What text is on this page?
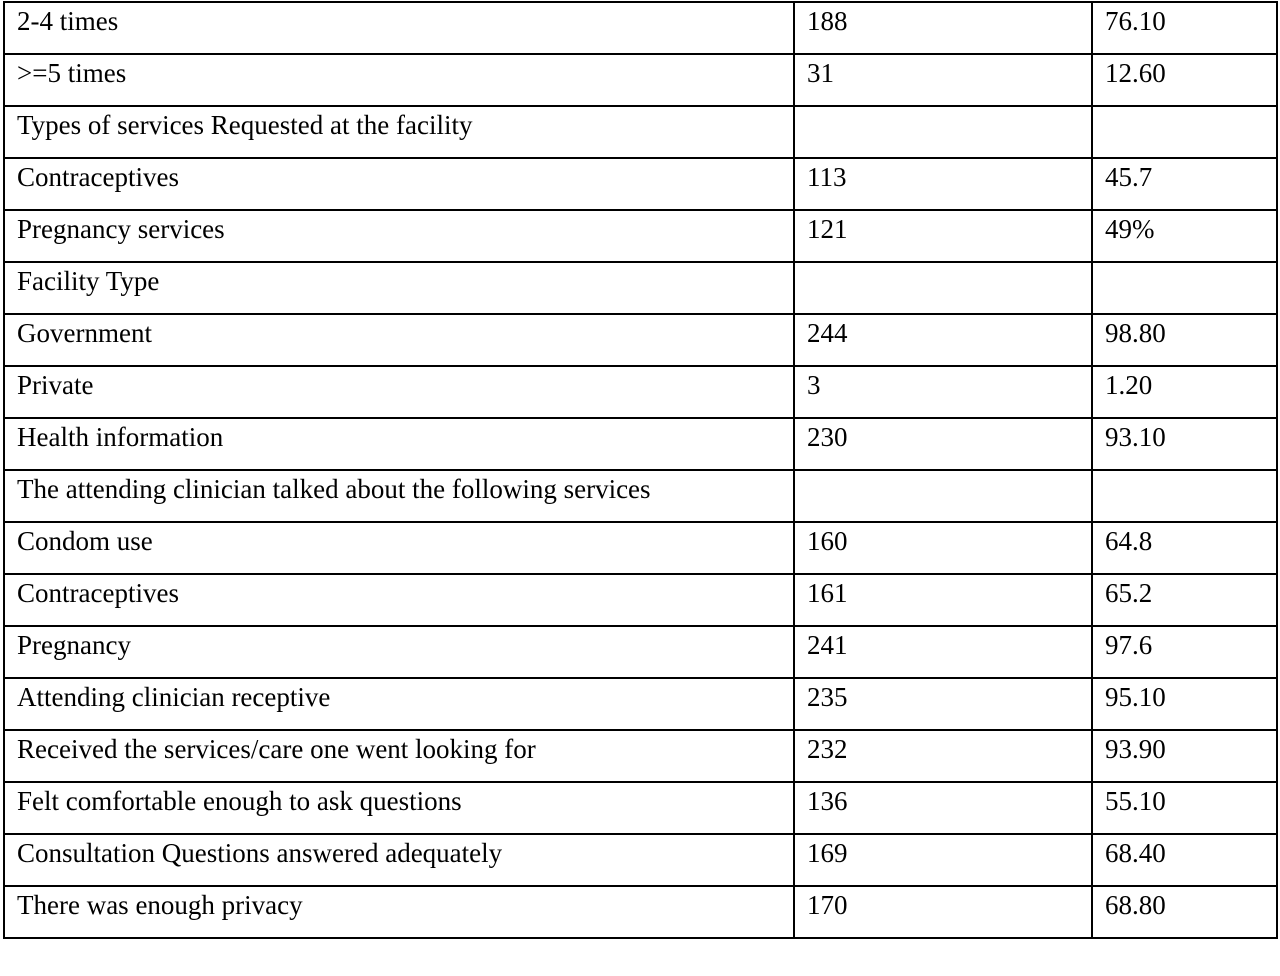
2-4 times	188	76.10
>=5 times	31	12.60
Types of services Requested at the facility		
Contraceptives	113	45.7
Pregnancy services	121	49%
Facility Type		
Government	244	98.80
Private	3	1.20
Health information	230	93.10
The attending clinician talked about the following services		
Condom use	160	64.8
Contraceptives	161	65.2
Pregnancy	241	97.6
Attending clinician receptive	235	95.10
Received the services/care one went looking for	232	93.90
Felt comfortable enough to ask questions	136	55.10
Consultation Questions answered adequately	169	68.40
There was enough privacy	170	68.80
